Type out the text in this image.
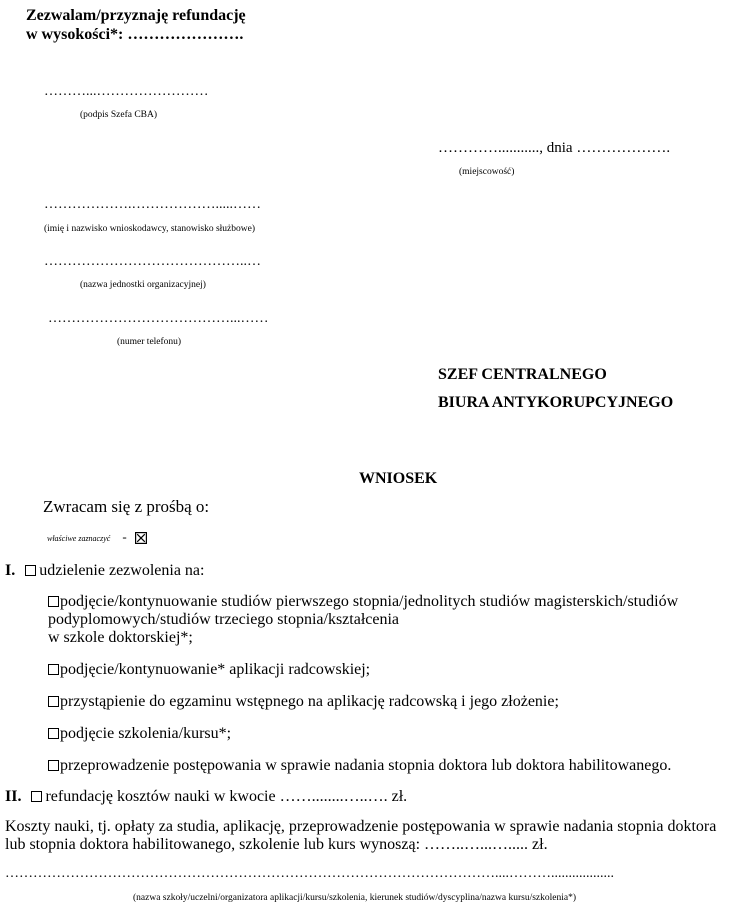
Zezwalam/przyznaję refundację
w wysokości*: ………………….
………...……………………
(podpis Szefa CBA)
…………..........., dnia ……………….
(miejscowość)
……………….……………….....……
(imię i nazwisko wnioskodawcy, stanowisko służbowe)
……………………………………..…
(nazwa jednostki organizacyjnej)
…………………………………...……
(numer telefonu)
SZEF CENTRALNEGO
BIURA ANTYKORUPCYJNEGO
WNIOSEK
Zwracam się z prośbą o:
właściwe zaznaczyć -
I. udzielenie zezwolenia na:
podjęcie/kontynuowanie studiów pierwszego stopnia/jednolitych studiów magisterskich/studiów
podyplomowych/studiów trzeciego stopnia/kształcenia
w szkole doktorskiej*;
podjęcie/kontynuowanie* aplikacji radcowskiej;
przystąpienie do egzaminu wstępnego na aplikację radcowską i jego złożenie;
podjęcie szkolenia/kursu*;
przeprowadzenie postępowania w sprawie nadania stopnia doktora lub doktora habilitowanego.
II. refundację kosztów nauki w kwocie ……........…..…. zł.
Koszty nauki, tj. opłaty za studia, aplikację, przeprowadzenie postępowania w sprawie nadania stopnia doktora
lub stopnia doktora habilitowanego, szkolenie lub kurs wynoszą: ……..…...…..... zł.
……………………………………………………………………………………………....………..................
(nazwa szkoły/uczelni/organizatora aplikacji/kursu/szkolenia, kierunek studiów/dyscyplina/nazwa kursu/szkolenia*)
